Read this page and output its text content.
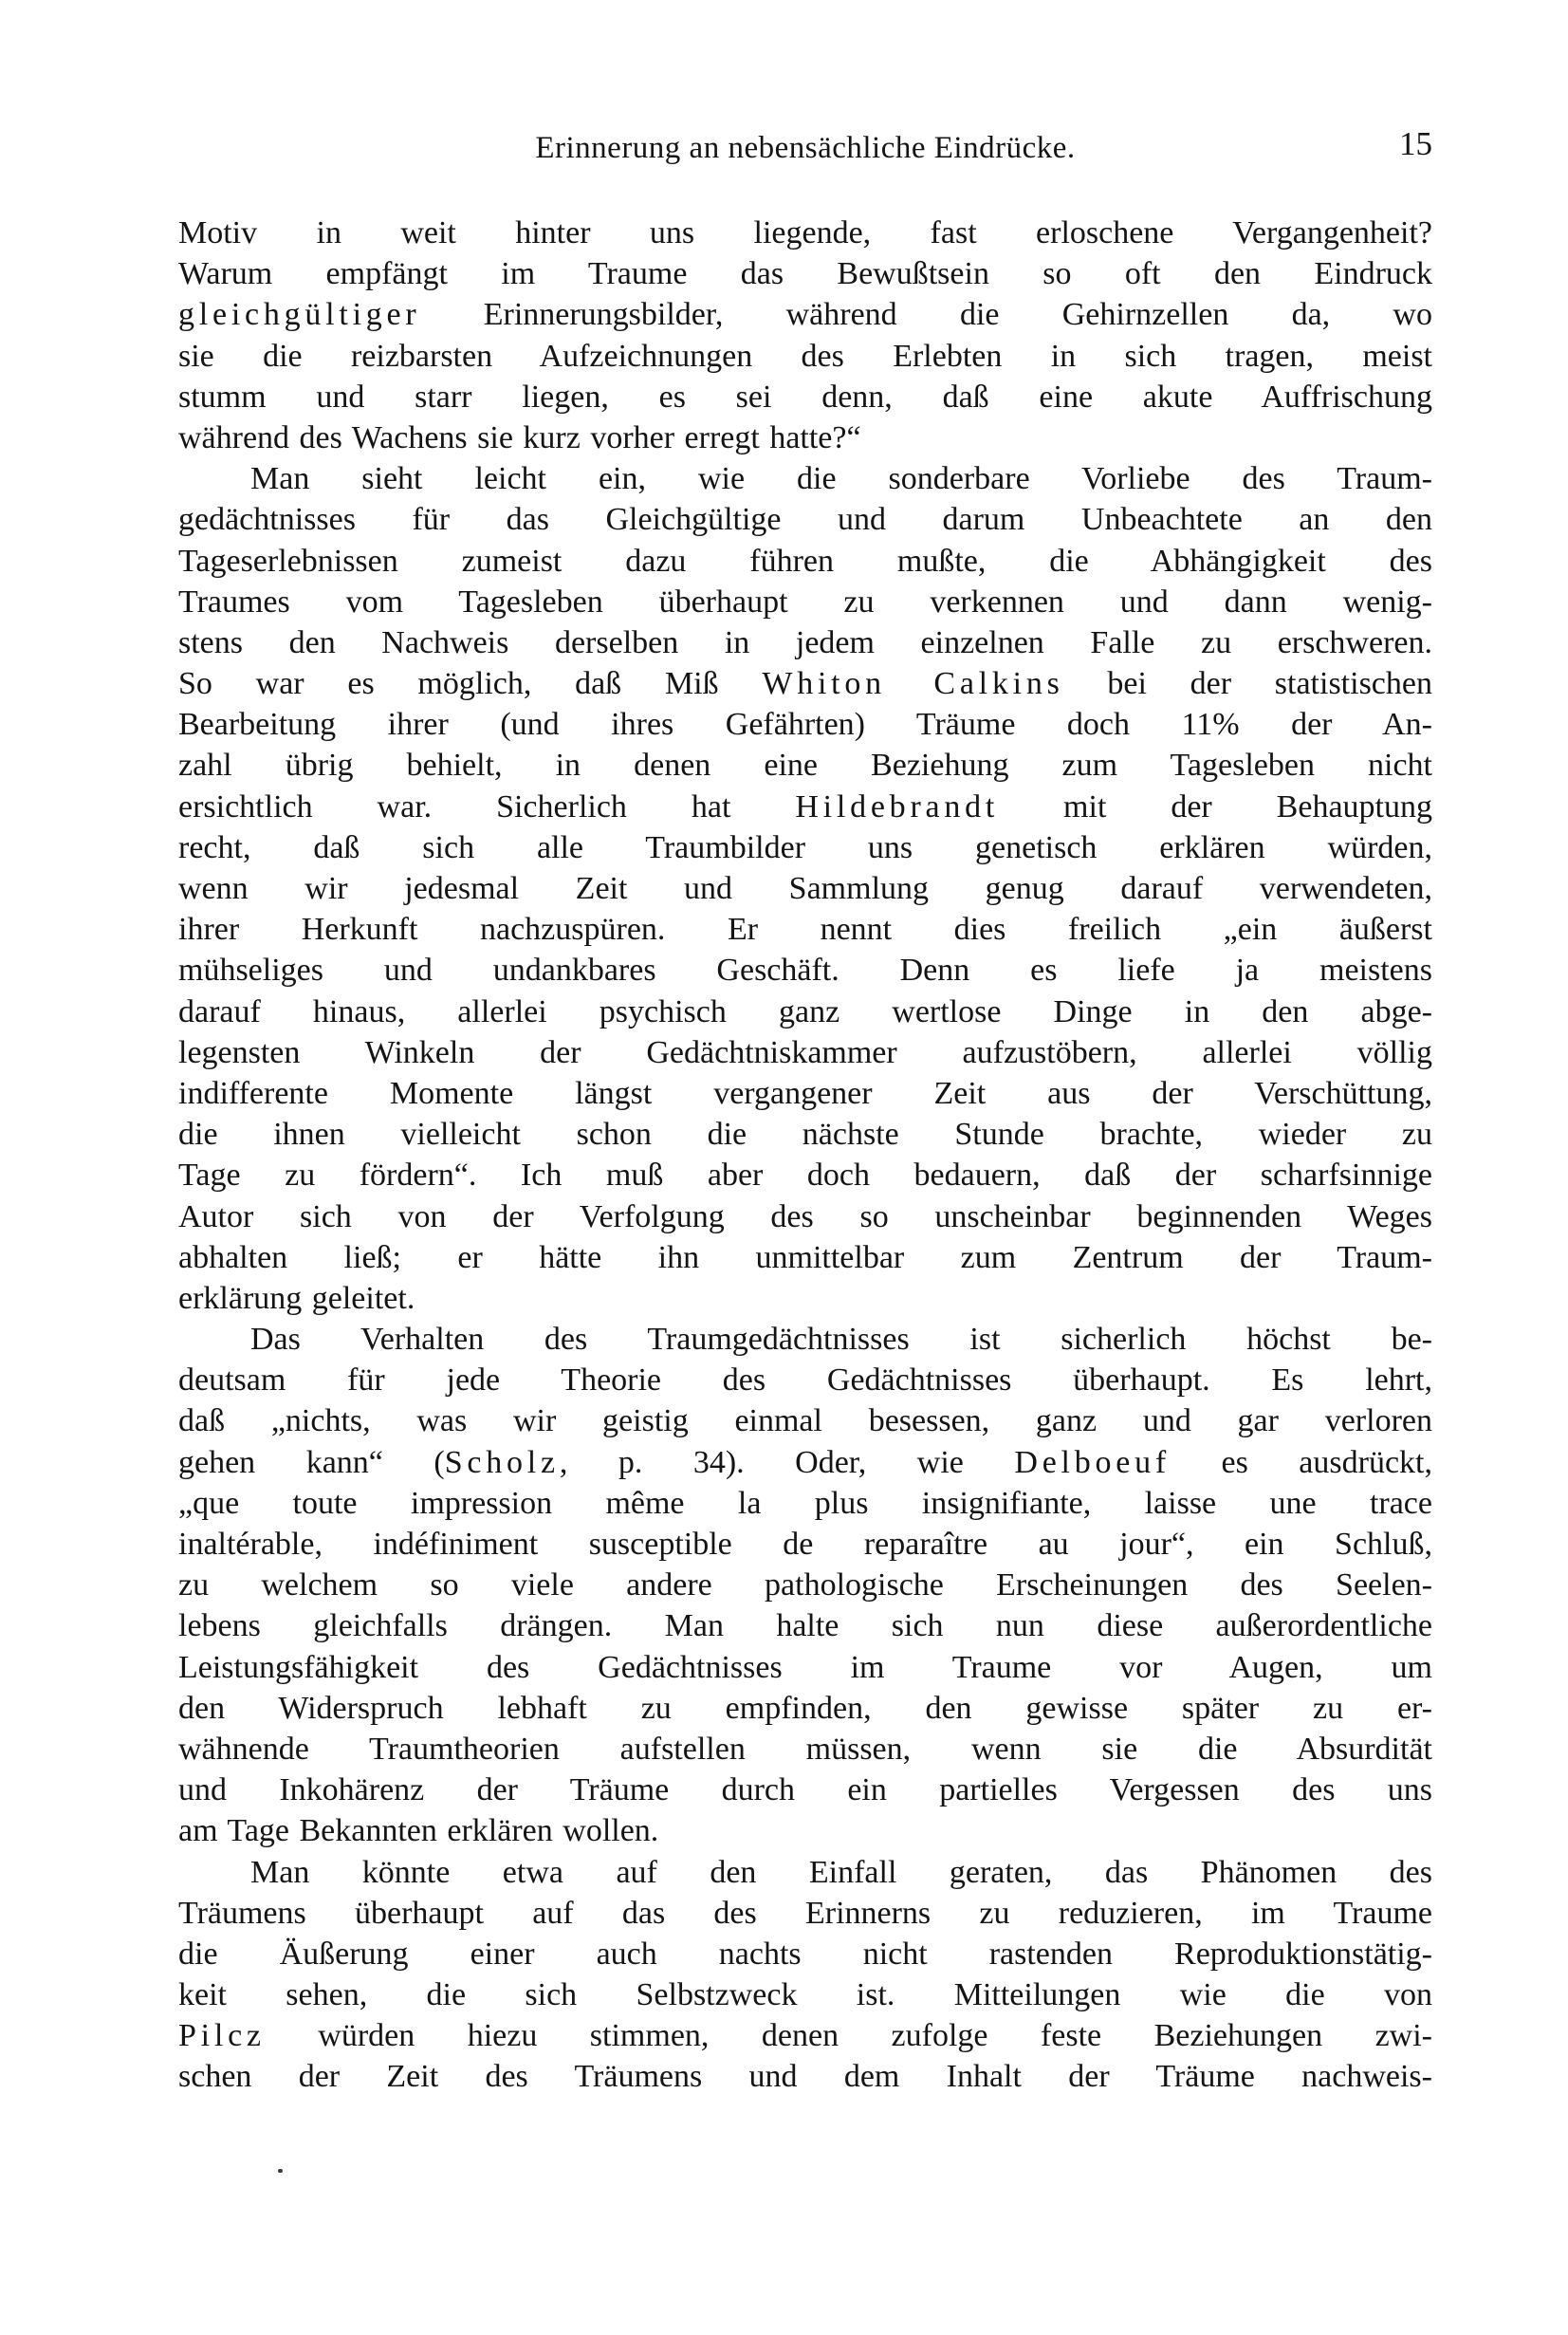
Erinnerung an nebensächliche Eindrücke.	15
Motiv in weit hinter uns liegende, fast erloschene Vergangenheit?
Warum empfängt im Traume das Bewußtsein so oft den Eindruck
gleichgültiger Erinnerungsbilder, während die Gehirnzellen da, wo
sie die reizbarsten Aufzeichnungen des Erlebten in sich tragen, meist
stumm und starr liegen, es sei denn, daß eine akute Auffrischung
während des Wachens sie kurz vorher erregt hatte?“
Man sieht leicht ein, wie die sonderbare Vorliebe des Traum-
gedächtnisses für das Gleichgültige und darum Unbeachtete an den
Tageserlebnissen zumeist dazu führen mußte, die Abhängigkeit des
Traumes vom Tagesleben überhaupt zu verkennen und dann wenig-
stens den Nachweis derselben in jedem einzelnen Falle zu erschweren.
So war es möglich, daß Miß Whiton Calkins bei der statistischen
Bearbeitung ihrer (und ihres Gefährten) Träume doch 11% der An-
zahl übrig behielt, in denen eine Beziehung zum Tagesleben nicht
ersichtlich war. Sicherlich hat Hildebrandt mit der Behauptung
recht, daß sich alle Traumbilder uns genetisch erklären würden,
wenn wir jedesmal Zeit und Sammlung genug darauf verwendeten,
ihrer Herkunft nachzuspüren. Er nennt dies freilich „ein äußerst
mühseliges und undankbares Geschäft. Denn es liefe ja meistens
darauf hinaus, allerlei psychisch ganz wertlose Dinge in den abge-
legensten Winkeln der Gedächtniskammer aufzustöbern, allerlei völlig
indifferente Momente längst vergangener Zeit aus der Verschüttung,
die ihnen vielleicht schon die nächste Stunde brachte, wieder zu
Tage zu fördern“. Ich muß aber doch bedauern, daß der scharfsinnige
Autor sich von der Verfolgung des so unscheinbar beginnenden Weges
abhalten ließ; er hätte ihn unmittelbar zum Zentrum der Traum-
erklärung geleitet.
Das Verhalten des Traumgedächtnisses ist sicherlich höchst be-
deutsam für jede Theorie des Gedächtnisses überhaupt. Es lehrt,
daß „nichts, was wir geistig einmal besessen, ganz und gar verloren
gehen kann“ (Scholz, p. 34). Oder, wie Delboeuf es ausdrückt,
„que toute impression même la plus insignifiante, laisse une trace
inaltérable, indéfiniment susceptible de reparaître au jour“, ein Schluß,
zu welchem so viele andere pathologische Erscheinungen des Seelen-
lebens gleichfalls drängen. Man halte sich nun diese außerordentliche
Leistungsfähigkeit des Gedächtnisses im Traume vor Augen, um
den Widerspruch lebhaft zu empfinden, den gewisse später zu er-
wähnende Traumtheorien aufstellen müssen, wenn sie die Absurdität
und Inkohärenz der Träume durch ein partielles Vergessen des uns
am Tage Bekannten erklären wollen.
Man könnte etwa auf den Einfall geraten, das Phänomen des
Träumens überhaupt auf das des Erinnerns zu reduzieren, im Traume
die Äußerung einer auch nachts nicht rastenden Reproduktionstätig-
keit sehen, die sich Selbstzweck ist. Mitteilungen wie die von
Pilcz würden hiezu stimmen, denen zufolge feste Beziehungen zwi-
schen der Zeit des Träumens und dem Inhalt der Träume nachweis-
